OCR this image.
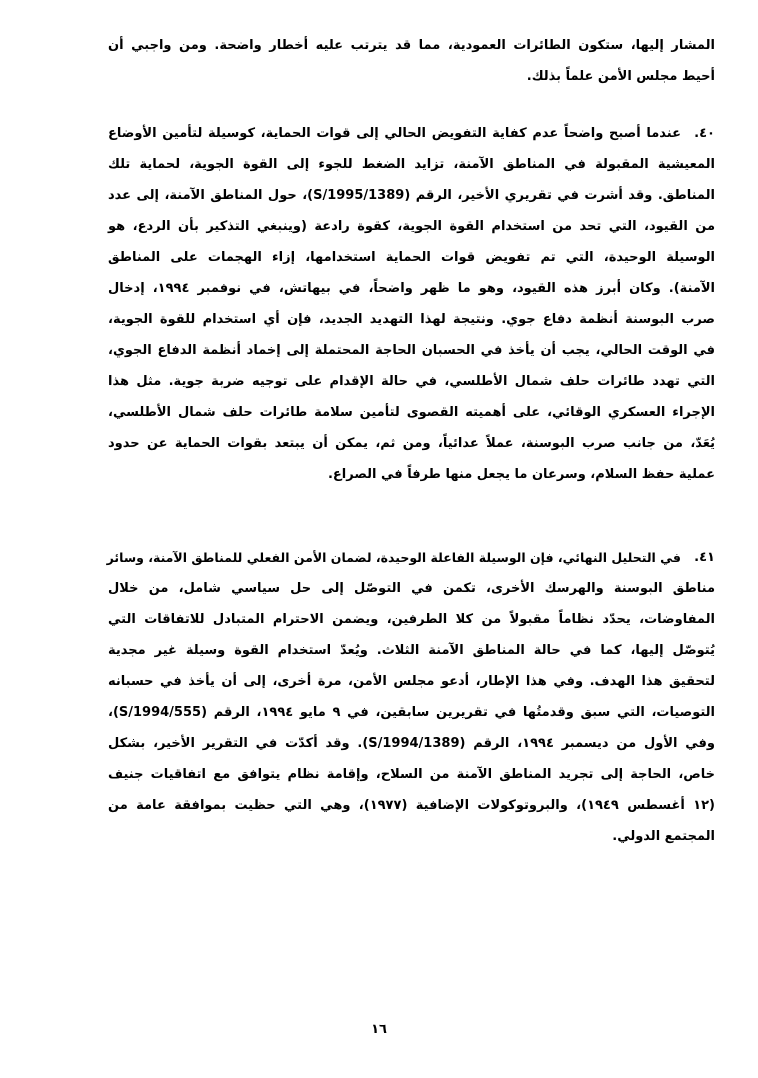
المشار إليها، ستكون الطائرات العمودية، مما قد يترتب عليه أخطار واضحة. ومن واجبي أن
أحيط مجلس الأمن علماً بذلك.
٤٠.
عندما أصبح واضحاً عدم كفاية التفويض الحالي إلى قوات الحماية، كوسيلة لتأمين الأوضاع
المعيشية المقبولة في المناطق الآمنة، تزايد الضغط للجوء إلى القوة الجوية، لحماية تلك
المناطق. وقد أشرت في تقريري الأخير، الرقم (S/1995/1389)، حول المناطق الآمنة، إلى عدد
من القيود، التي تحد من استخدام القوة الجوية، كقوة رادعة (وينبغي التذكير بأن الردع، هو
الوسيلة الوحيدة، التي تم تفويض قوات الحماية استخدامها، إزاء الهجمات على المناطق
الآمنة). وكان أبرز هذه القيود، وهو ما ظهر واضحاً، في بيهاتش، في نوفمبر ١٩٩٤، إدخال
صرب البوسنة أنظمة دفاع جوي. ونتيجة لهذا التهديد الجديد، فإن أي استخدام للقوة الجوية،
في الوقت الحالي، يجب أن يأخذ في الحسبان الحاجة المحتملة إلى إخماد أنظمة الدفاع الجوي،
التي تهدد طائرات حلف شمال الأطلسي، في حالة الإقدام على توجيه ضربة جوية. مثل هذا
الإجراء العسكري الوقائي، على أهميته القصوى لتأمين سلامة طائرات حلف شمال الأطلسي،
يُعَدّ، من جانب صرب البوسنة، عملاً عدائياً، ومن ثم، يمكن أن يبتعد بقوات الحماية عن حدود
عملية حفظ السلام، وسرعان ما يجعل منها طرفاً في الصراع.
٤١.
في التحليل النهائي، فإن الوسيلة الفاعلة الوحيدة، لضمان الأمن الفعلي للمناطق الآمنة، وسائر
مناطق البوسنة والهرسك الأخرى، تكمن في التوصّل إلى حل سياسي شامل، من خلال
المفاوضات، يحدّد نظاماً مقبولاً من كلا الطرفين، ويضمن الاحترام المتبادل للاتفاقات التي
يُتوصّل إليها، كما في حالة المناطق الآمنة الثلاث. ويُعدّ استخدام القوة وسيلة غير مجدية
لتحقيق هذا الهدف. وفي هذا الإطار، أدعو مجلس الأمن، مرة أخرى، إلى أن يأخذ في حسبانه
التوصيات، التي سبق وقدمتُها في تقريرين سابقين، في ٩ مايو ١٩٩٤، الرقم (S/1994/555)،
وفي الأول من ديسمبر ١٩٩٤، الرقم (S/1994/1389). وقد أكدّت في التقرير الأخير، بشكل
خاص، الحاجة إلى تجريد المناطق الآمنة من السلاح، وإقامة نظام يتوافق مع اتفاقيات جنيف
(١٢ أغسطس ١٩٤٩)، والبروتوكولات الإضافية (١٩٧٧)، وهي التي حظيت بموافقة عامة من
المجتمع الدولي.
١٦
